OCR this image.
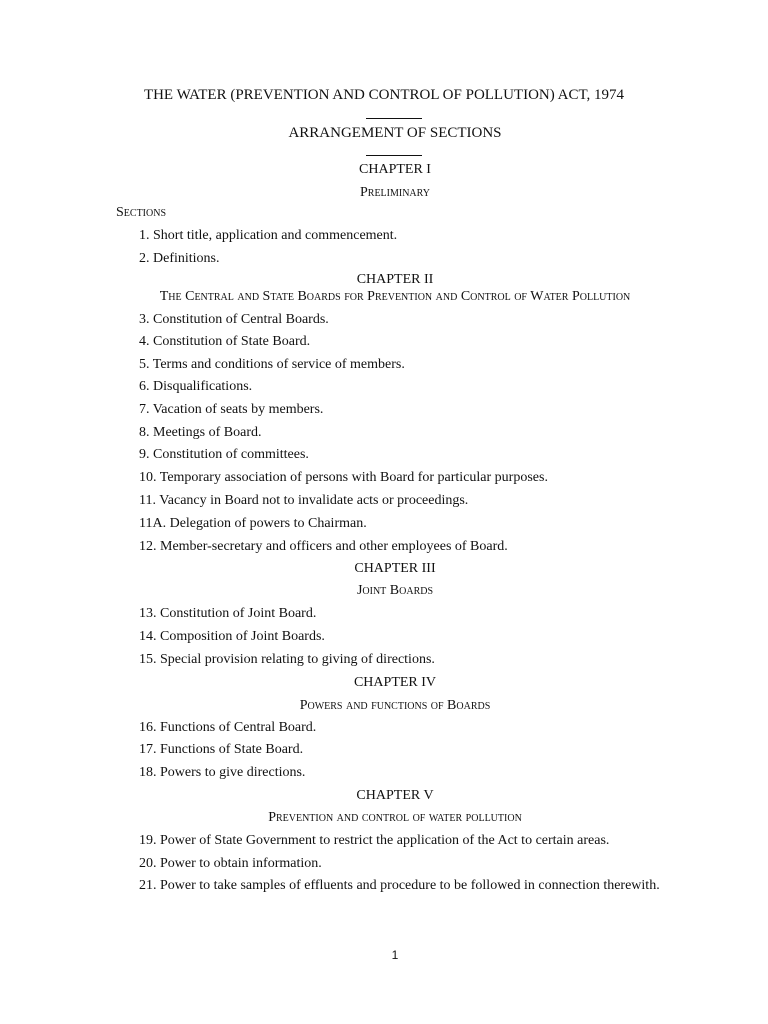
THE WATER (PREVENTION AND CONTROL OF POLLUTION) ACT, 1974
ARRANGEMENT OF SECTIONS
CHAPTER I
Preliminary
Sections
1. Short title, application and commencement.
2. Definitions.
CHAPTER II
The Central and State Boards for Prevention and Control of Water Pollution
3. Constitution of Central Boards.
4. Constitution of State Board.
5. Terms and conditions of service of members.
6. Disqualifications.
7. Vacation of seats by members.
8. Meetings of Board.
9. Constitution of committees.
10. Temporary association of persons with Board for particular purposes.
11. Vacancy in Board not to invalidate acts or proceedings.
11A. Delegation of powers to Chairman.
12. Member-secretary and officers and other employees of Board.
CHAPTER III
Joint Boards
13. Constitution of Joint Board.
14. Composition of Joint Boards.
15. Special provision relating to giving of directions.
CHAPTER IV
Powers and functions of Boards
16. Functions of Central Board.
17. Functions of State Board.
18. Powers to give directions.
CHAPTER V
Prevention and control of water pollution
19. Power of State Government to restrict the application of the Act to certain areas.
20. Power to obtain information.
21. Power to take samples of effluents and procedure to be followed in connection therewith.
1
